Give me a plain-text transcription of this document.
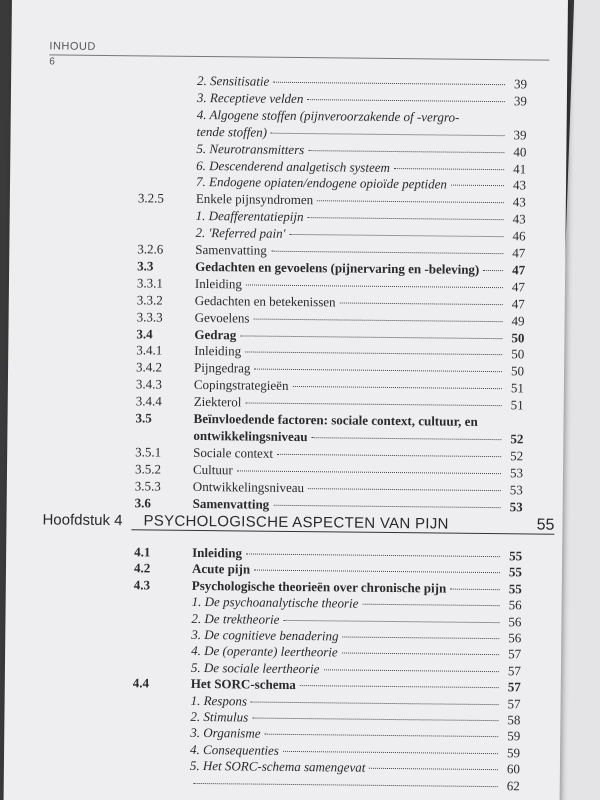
INHOUD
6
2. Sensitisatie	39
3. Receptieve velden	39
4. Algogene stoffen (pijnveroorzakende of -vergro-
tende stoffen)	39
5. Neurotransmitters	40
6. Descenderend analgetisch systeem	41
7. Endogene opiaten/endogene opioïde peptiden	43
3.2.5 Enkele pijnsyndromen	43
1. Deafferentatiepijn	43
2. 'Referred pain'	46
3.2.6 Samenvatting	47
3.3	Gedachten en gevoelens (pijnervaring en -beleving)	47
3.3.1 Inleiding	47
3.3.2 Gedachten en betekenissen	47
3.3.3 Gevoelens	49
3.4	Gedrag	50
3.4.1 Inleiding	50
3.4.2 Pijngedrag	50
3.4.3 Copingstrategieën	51
3.4.4 Ziekterol	51
3.5	Beïnvloedende factoren: sociale context, cultuur, en
ontwikkelingsniveau	52
3.5.1 Sociale context	52
3.5.2 Cultuur	53
3.5.3 Ontwikkelingsniveau	53
3.6	Samenvatting	53
Hoofdstuk 4 PSYCHOLOGISCHE ASPECTEN VAN PIJN	55
4.1	Inleiding	55
4.2	Acute pijn	55
4.3	Psychologische theorieën over chronische pijn	55
1. De psychoanalytische theorie	56
2. De trektheorie	56
3. De cognitieve benadering	56
4. De (operante) leertheorie	57
5. De sociale leertheorie	57
4.4	Het SORC-schema	57
1. Respons	57
2. Stimulus	58
3. Organisme	59
4. Consequenties	59
5. Het SORC-schema samengevat	60
62
